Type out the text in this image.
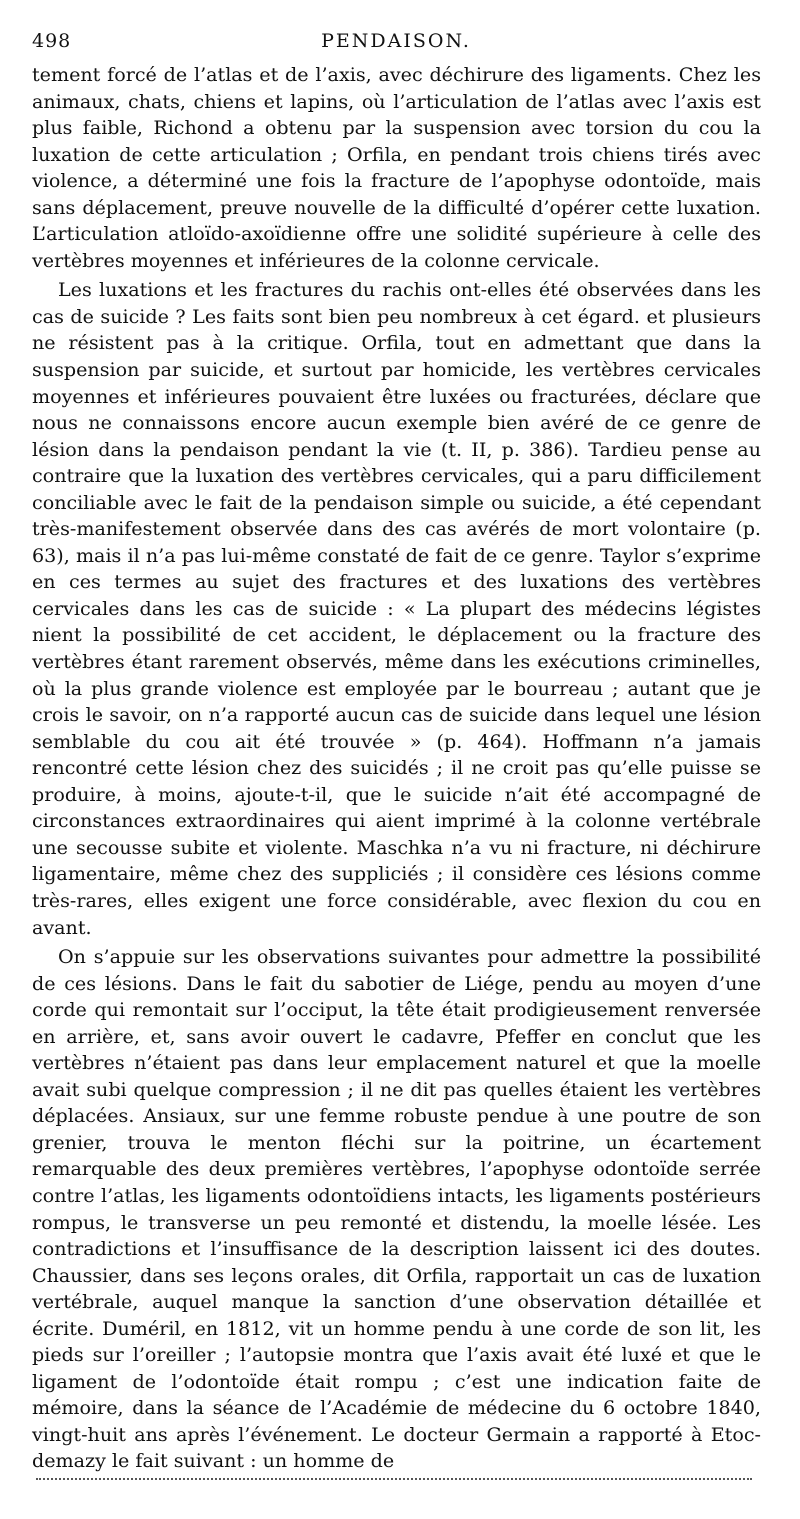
498	PENDAISON.

tement forcé de l’atlas et de l’axis, avec déchirure des ligaments. Chez les animaux, chats, chiens et lapins, où l’articulation de l’atlas avec l’axis est plus faible, Richond a obtenu par la suspension avec torsion du cou la luxation de cette articulation ; Orfila, en pendant trois chiens tirés avec violence, a déterminé une fois la fracture de l’apophyse odontoïde, mais sans déplacement, preuve nouvelle de la difficulté d’opérer cette luxation. L’articulation atloïdo-axoïdienne offre une solidité supérieure à celle des vertèbres moyennes et inférieures de la colonne cervicale.

Les luxations et les fractures du rachis ont-elles été observées dans les cas de suicide ? Les faits sont bien peu nombreux à cet égard. et plusieurs ne résistent pas à la critique. Orfila, tout en admettant que dans la suspension par suicide, et surtout par homicide, les vertèbres cervicales moyennes et inférieures pouvaient être luxées ou fracturées, déclare que nous ne connaissons encore aucun exemple bien avéré de ce genre de lésion dans la pendaison pendant la vie (t. II, p. 386). Tardieu pense au contraire que la luxation des vertèbres cervicales, qui a paru difficilement conciliable avec le fait de la pendaison simple ou suicide, a été cependant très-manifestement observée dans des cas avérés de mort volontaire (p. 63), mais il n’a pas lui-même constaté de fait de ce genre. Taylor s’exprime en ces termes au sujet des fractures et des luxations des vertèbres cervicales dans les cas de suicide : « La plupart des médecins légistes nient la possibilité de cet accident, le déplacement ou la fracture des vertèbres étant rarement observés, même dans les exécutions criminelles, où la plus grande violence est employée par le bourreau ; autant que je crois le savoir, on n’a rapporté aucun cas de suicide dans lequel une lésion semblable du cou ait été trouvée » (p. 464). Hoffmann n’a jamais rencontré cette lésion chez des suicidés ; il ne croit pas qu’elle puisse se produire, à moins, ajoute-t-il, que le suicide n’ait été accompagné de circonstances extraordinaires qui aient imprimé à la colonne vertébrale une secousse subite et violente. Maschka n’a vu ni fracture, ni déchirure ligamentaire, même chez des suppliciés ; il considère ces lésions comme très-rares, elles exigent une force considérable, avec flexion du cou en avant.

On s’appuie sur les observations suivantes pour admettre la possibilité de ces lésions. Dans le fait du sabotier de Liége, pendu au moyen d’une corde qui remontait sur l’occiput, la tête était prodigieusement renversée en arrière, et, sans avoir ouvert le cadavre, Pfeffer en conclut que les vertèbres n’étaient pas dans leur emplacement naturel et que la moelle avait subi quelque compression ; il ne dit pas quelles étaient les vertèbres déplacées. Ansiaux, sur une femme robuste pendue à une poutre de son grenier, trouva le menton fléchi sur la poitrine, un écartement remarquable des deux premières vertèbres, l’apophyse odontoïde serrée contre l’atlas, les ligaments odontoïdiens intacts, les ligaments postérieurs rompus, le transverse un peu remonté et distendu, la moelle lésée. Les contradictions et l’insuffisance de la description laissent ici des doutes. Chaussier, dans ses leçons orales, dit Orfila, rapportait un cas de luxation vertébrale, auquel manque la sanction d’une observation détaillée et écrite. Duméril, en 1812, vit un homme pendu à une corde de son lit, les pieds sur l’oreiller ; l’autopsie montra que l’axis avait été luxé et que le ligament de l’odontoïde était rompu ; c’est une indication faite de mémoire, dans la séance de l’Académie de médecine du 6 octobre 1840, vingt-huit ans après l’événement. Le docteur Germain a rapporté à Etoc-demazy le fait suivant : un homme de
